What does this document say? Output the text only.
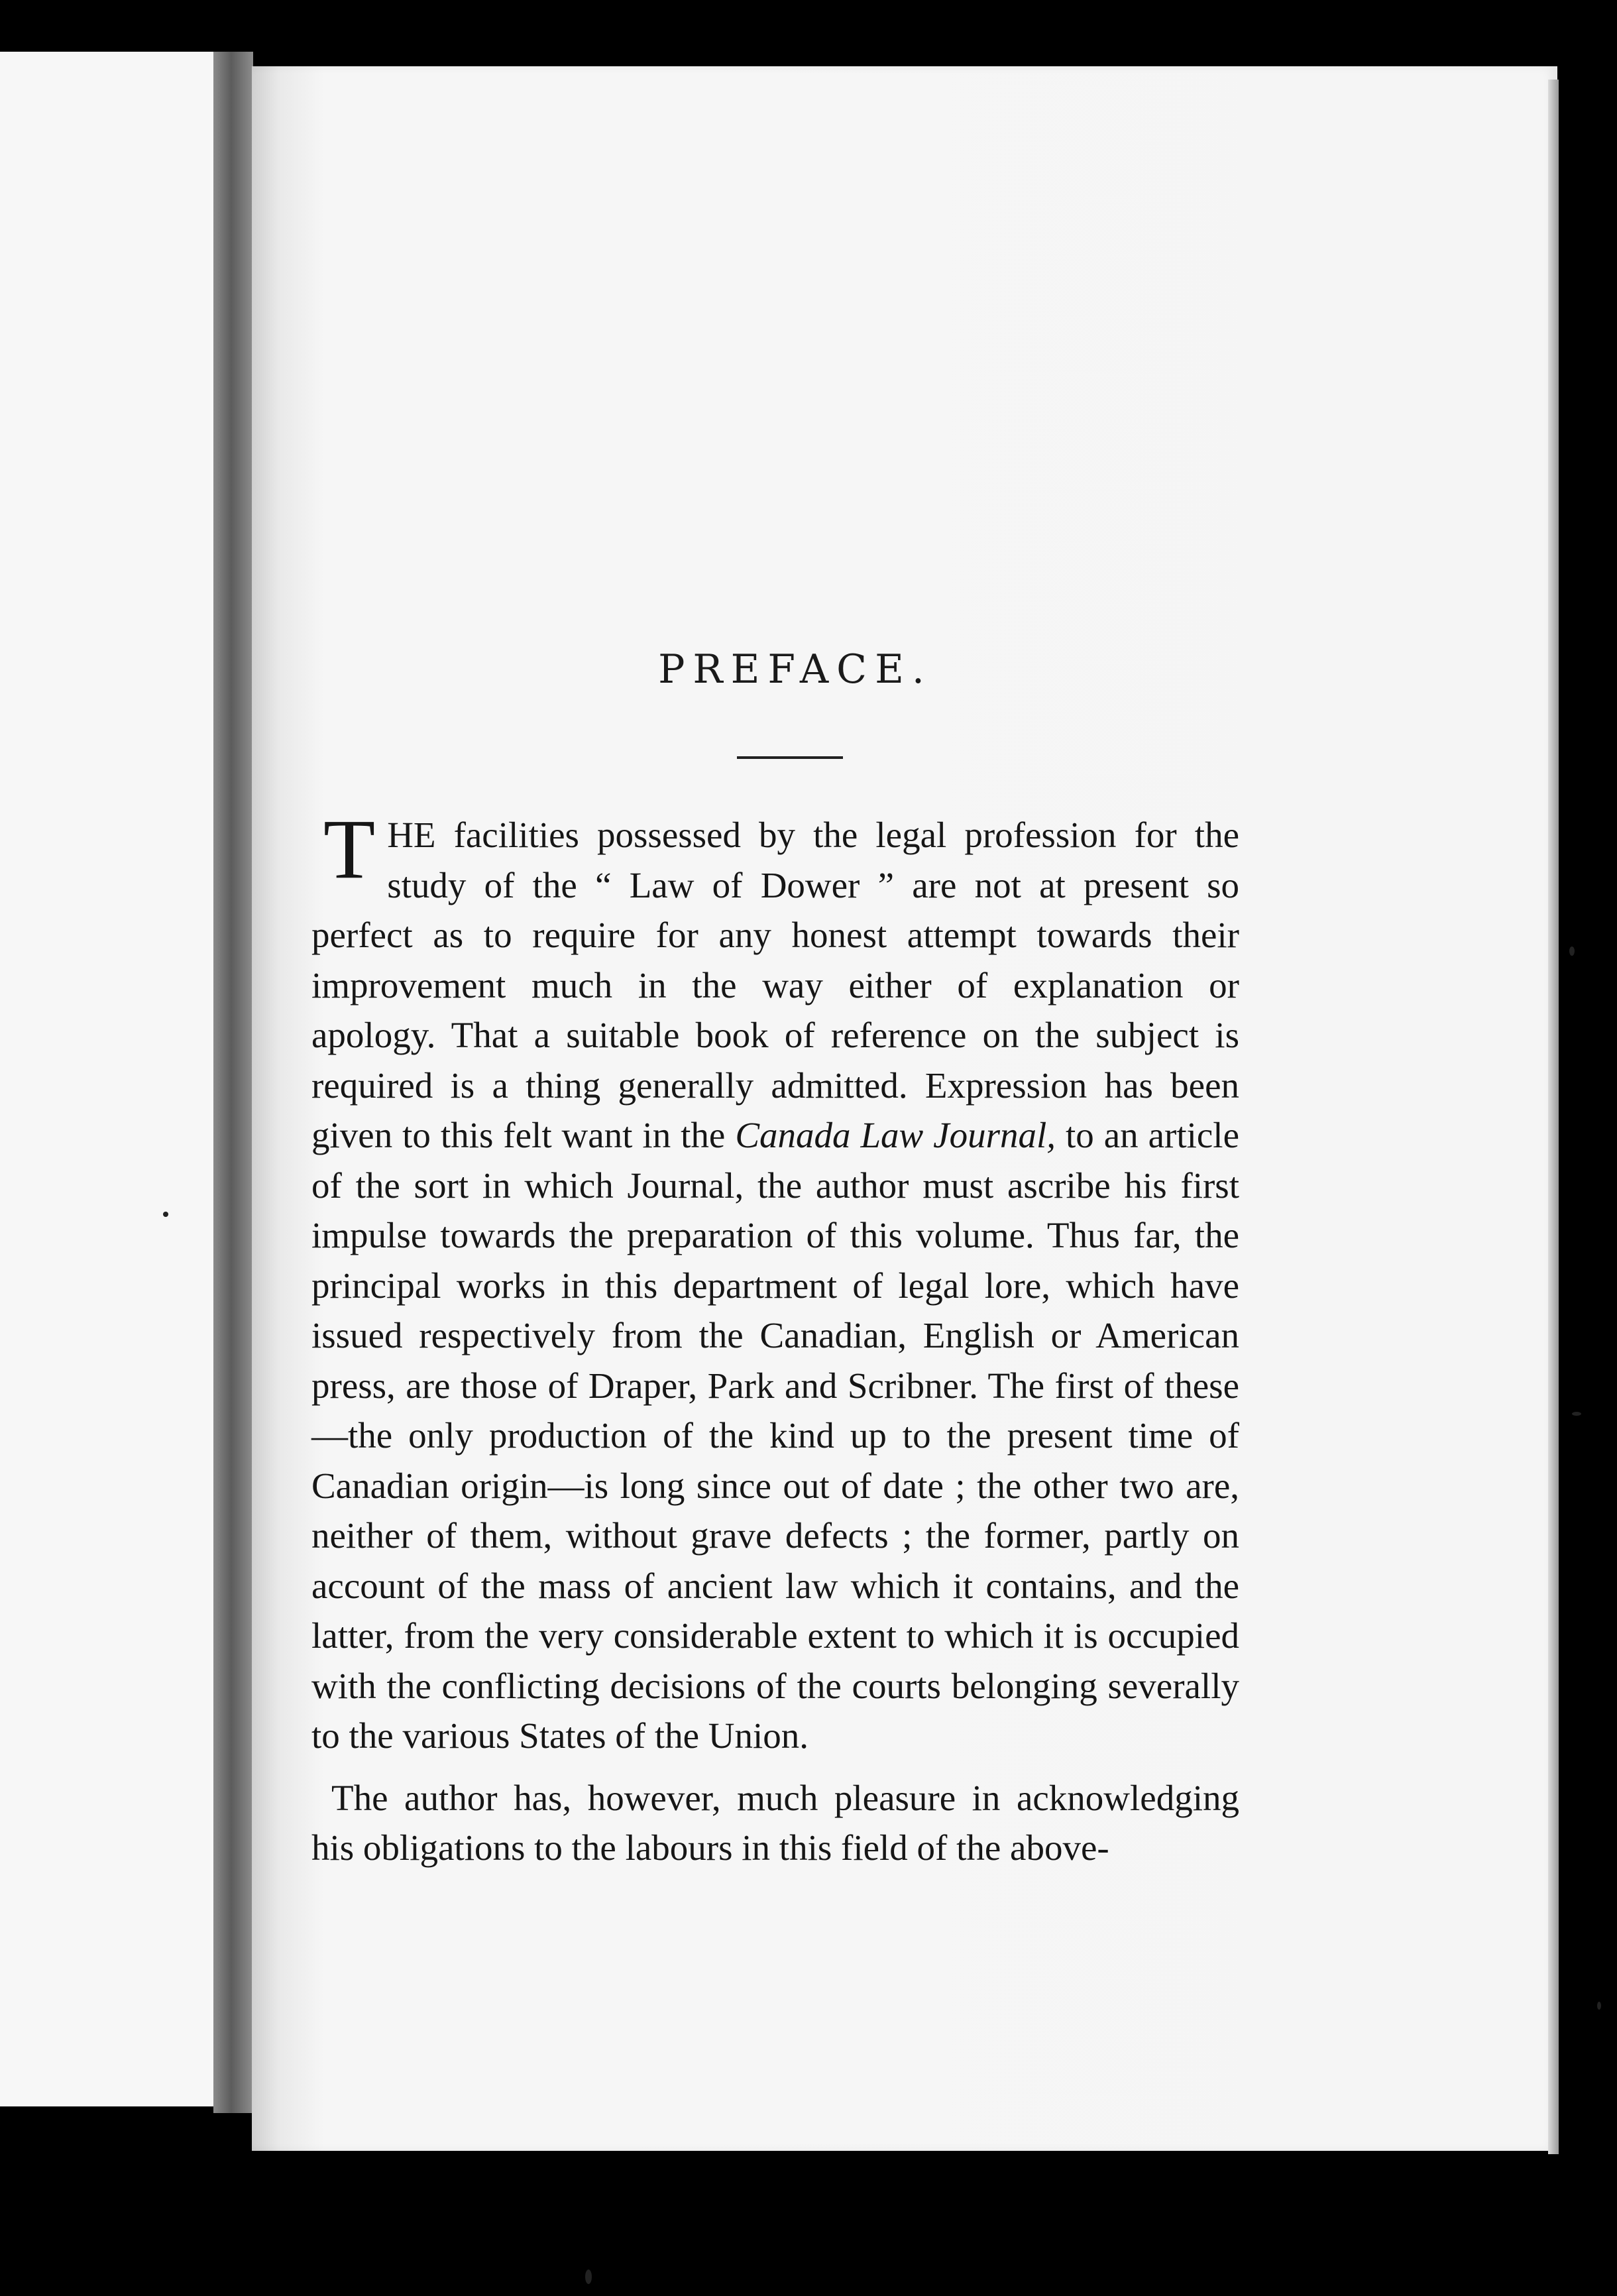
PREFACE.

THE facilities possessed by the legal profession for the study of the “ Law of Dower ” are not at present so perfect as to require for any honest attempt towards their improvement much in the way either of explanation or apology. That a suitable book of reference on the subject is required is a thing generally admitted. Expression has been given to this felt want in the Canada Law Journal, to an article of the sort in which Journal, the author must ascribe his first impulse towards the preparation of this volume. Thus far, the principal works in this department of legal lore, which have issued respectively from the Canadian, English or American press, are those of Draper, Park and Scribner. The first of these—the only production of the kind up to the present time of Canadian origin—is long since out of date ; the other two are, neither of them, without grave defects ; the former, partly on account of the mass of ancient law which it contains, and the latter, from the very considerable extent to which it is occupied with the conflicting decisions of the courts belonging severally to the various States of the Union.

The author has, however, much pleasure in acknowledging his obligations to the labours in this field of the above-
